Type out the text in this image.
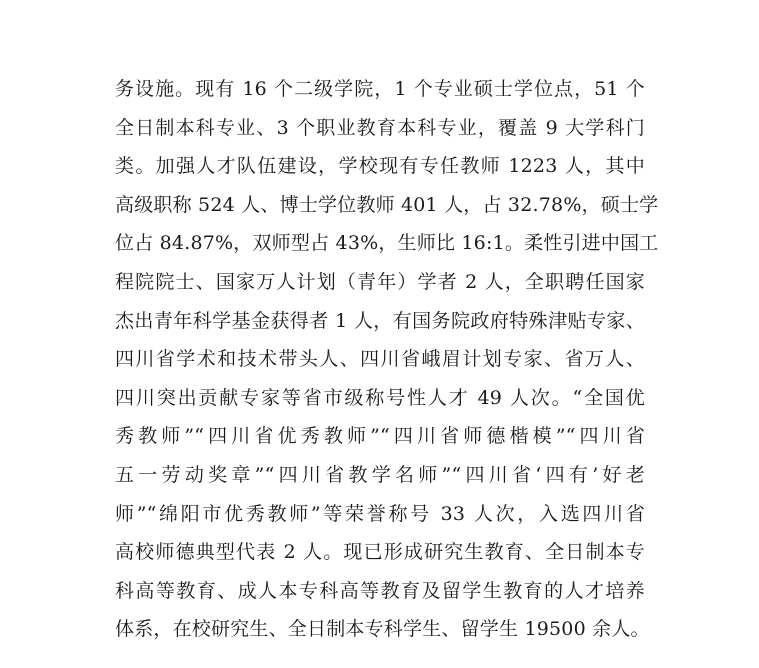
务设施。现有 16 个二级学院，1 个专业硕士学位点，51 个
全日制本科专业、3 个职业教育本科专业，覆盖 9 大学科门
类。加强人才队伍建设，学校现有专任教师 1223 人，其中
高级职称 524 人、博士学位教师 401 人，占 32.78%，硕士学
位占 84.87%，双师型占 43%，生师比 16:1。柔性引进中国工
程院院士、国家万人计划（青年）学者 2 人，全职聘任国家
杰出青年科学基金获得者 1 人，有国务院政府特殊津贴专家、
四川省学术和技术带头人、四川省峨眉计划专家、省万人、
四川突出贡献专家等省市级称号性人才 49 人次。“全国优
秀教师”“四川省优秀教师”“四川省师德楷模”“四川省
五一劳动奖章”“四川省教学名师”“四川省‘四有’好老
师”“绵阳市优秀教师”等荣誉称号 33 人次，入选四川省
高校师德典型代表 2 人。现已形成研究生教育、全日制本专
科高等教育、成人本专科高等教育及留学生教育的人才培养
体系，在校研究生、全日制本专科学生、留学生 19500 余人。
